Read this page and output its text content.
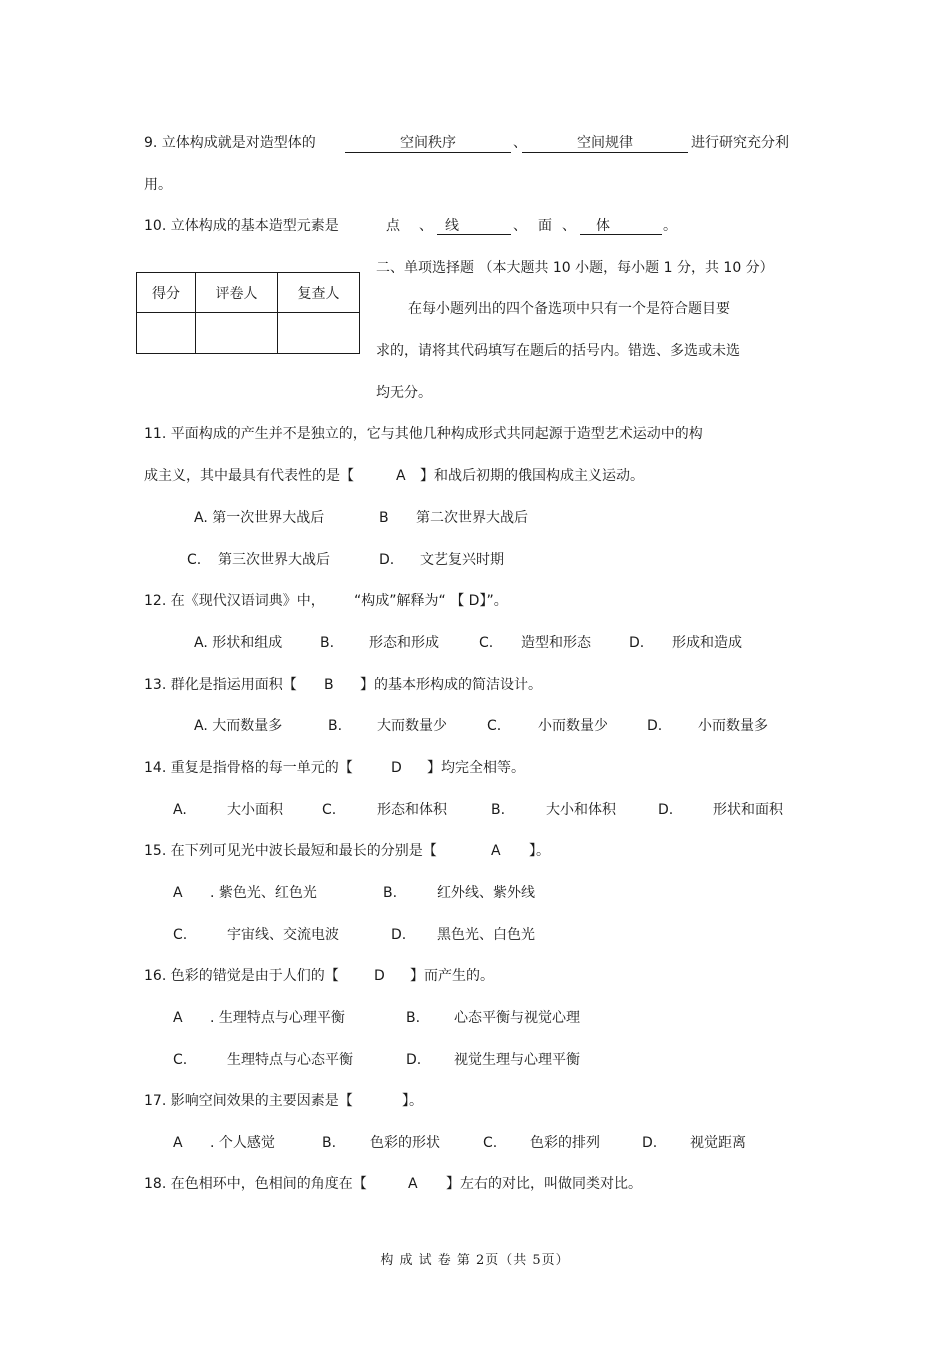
9. 立体构成就是对造型体的	空间秩序	、	空间规律	进行研究充分利
用。
10. 立体构成的基本造型元素是	点 、 线	、 面 、	体	。
得分	评卷人	复查人

二、单项选择题 （本大题共 10 小题，每小题 1 分，共 10 分）
在每小题列出的四个备选项中只有一个是符合题目要
求的，请将其代码填写在题后的括号内。错选、多选或未选
均无分。
11. 平面构成的产生并不是独立的，它与其他几种构成形式共同起源于造型艺术运动中的构
成主义，其中最具有代表性的是【	A 】和战后初期的俄国构成主义运动。
A. 第一次世界大战后	B 第二次世界大战后
C. 第三次世界大战后	D. 文艺复兴时期
12. 在《现代汉语词典》中， “构成”解释为“ 【 D】”。
A. 形状和组成	B. 形态和形成	C. 造型和形态	D. 形成和造成
13. 群化是指运用面积【 B 】的基本形构成的简洁设计。
A. 大而数量多	B. 大而数量少	C.	小而数量少	D.	小而数量多
14. 重复是指骨格的每一单元的【	D 】均完全相等。
A.	大小面积	C.	形态和体积	B.	大小和体积	D.	形状和面积
15. 在下列可见光中波长最短和最长的分别是【	A 】。
A . 紫色光、红色光	B.	红外线、紫外线
C.	宇宙线、交流电波	D. 黑色光、白色光
16. 色彩的错觉是由于人们的【	D 】而产生的。
A . 生理特点与心理平衡	B. 心态平衡与视觉心理
C.	生理特点与心态平衡	D. 视觉生理与心理平衡
17. 影响空间效果的主要因素是【	】。
A . 个人感觉	B. 色彩的形状	C. 色彩的排列	D. 视觉距离
18. 在色相环中，色相间的角度在【	A 】左右的对比，叫做同类对比。
构 成 试 卷 第 2页（共 5页）
